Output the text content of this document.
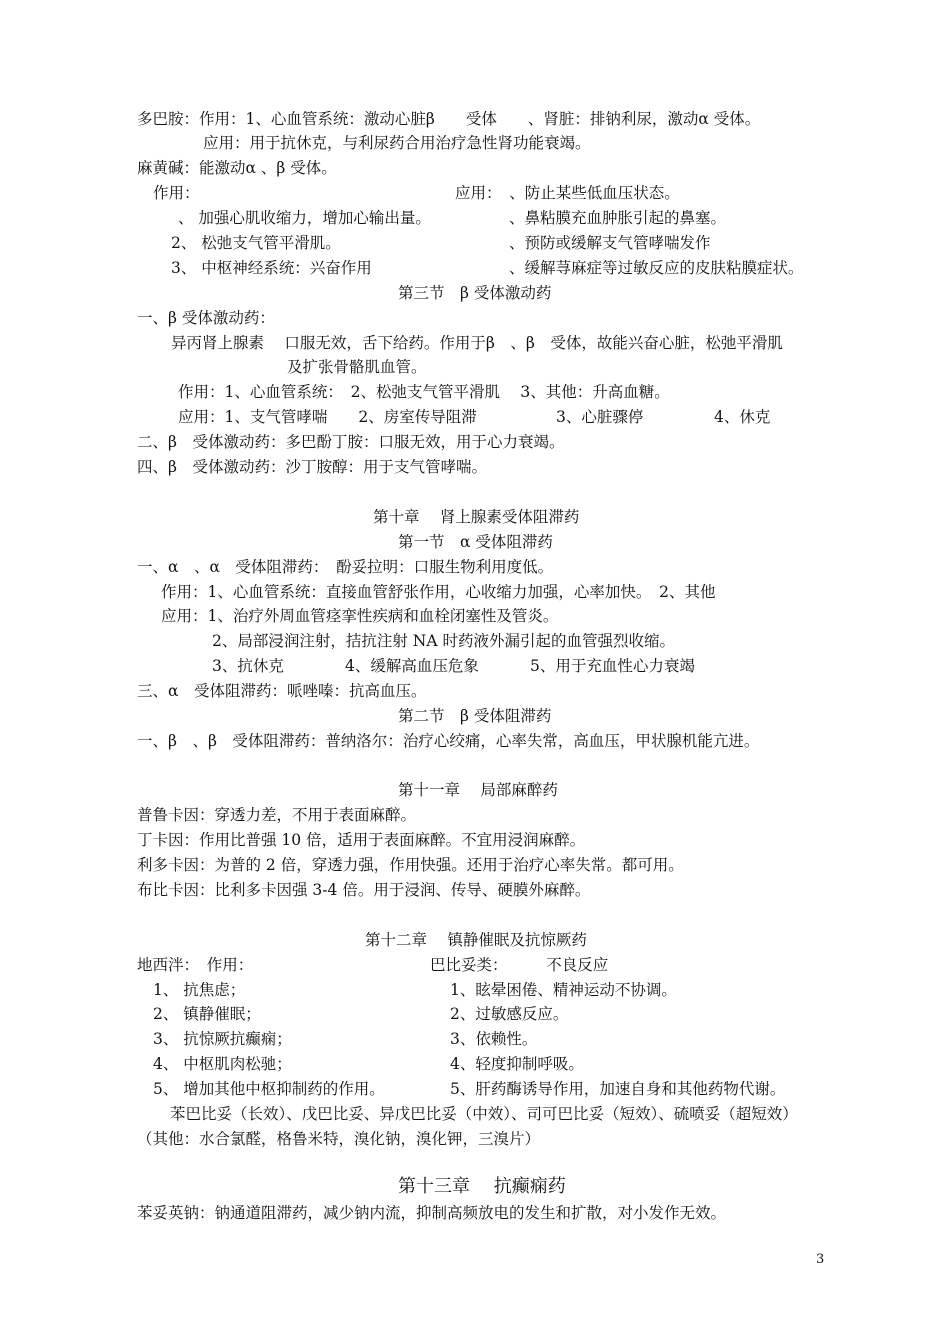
多巴胺：作用：1、心血管系统：激动心脏β　　受体　　、肾脏：排钠利尿，激动α 受体。
应用：用于抗休克，与利尿药合用治疗急性肾功能衰竭。
麻黄碱：能激动α 、β 受体。
作用：	应用：　、防止某些低血压状态。
、 加强心肌收缩力，增加心输出量。	、鼻粘膜充血肿胀引起的鼻塞。
2、 松弛支气管平滑肌。	、预防或缓解支气管哮喘发作
3、 中枢神经系统：兴奋作用	、缓解荨麻症等过敏反应的皮肤粘膜症状。
第三节　β 受体激动药
一、β 受体激动药：
异丙肾上腺素　 口服无效，舌下给药。作用于β　、β　受体，故能兴奋心脏，松弛平滑肌
及扩张骨骼肌血管。
作用：1、心血管系统：　2、松弛支气管平滑肌　 3、其他：升高血糖。
应用：1、支气管哮喘　　2、房室传导阻滞	3、心脏骤停	4、休克
二、β　受体激动药：多巴酚丁胺：口服无效，用于心力衰竭。
四、β　受体激动药：沙丁胺醇：用于支气管哮喘。
第十章　 肾上腺素受体阻滞药
第一节　α 受体阻滞药
一、α　、α　受体阻滞药：　酚妥拉明：口服生物利用度低。
作用：1、心血管系统：直接血管舒张作用，心收缩力加强，心率加快。　2、其他
应用：1、治疗外周血管痉挛性疾病和血栓闭塞性及管炎。
2、局部浸润注射，拮抗注射 NA 时药液外漏引起的血管强烈收缩。
3、抗休克	4、缓解高血压危象	5、用于充血性心力衰竭
三、α　受体阻滞药：哌唑嗪：抗高血压。
第二节　β 受体阻滞药
一、β　、β　受体阻滞药：普纳洛尔：治疗心绞痛，心率失常，高血压，甲状腺机能亢进。
第十一章　 局部麻醉药
普鲁卡因：穿透力差，不用于表面麻醉。
丁卡因：作用比普强 10 倍，适用于表面麻醉。不宜用浸润麻醉。
利多卡因：为普的 2 倍，穿透力强，作用快强。还用于治疗心率失常。都可用。
布比卡因：比利多卡因强 3-4 倍。用于浸润、传导、硬膜外麻醉。
第十二章　 镇静催眠及抗惊厥药
地西泮：　作用：	巴比妥类：　　　不良反应
1、 抗焦虑；	1、眩晕困倦、精神运动不协调。
2、 镇静催眠；	2、过敏感反应。
3、 抗惊厥抗癫痫；	3、依赖性。
4、 中枢肌肉松驰；	4、轻度抑制呼吸。
5、 增加其他中枢抑制药的作用。	5、肝药酶诱导作用，加速自身和其他药物代谢。
苯巴比妥（长效）、戊巴比妥、异戊巴比妥（中效）、司可巴比妥（短效）、硫喷妥（超短效）
（其他：水合氯醛，格鲁米特，溴化钠，溴化钾，三溴片）
第十三章　 抗癫痫药
苯妥英钠：钠通道阻滞药，减少钠内流，抑制高频放电的发生和扩散，对小发作无效。
3
